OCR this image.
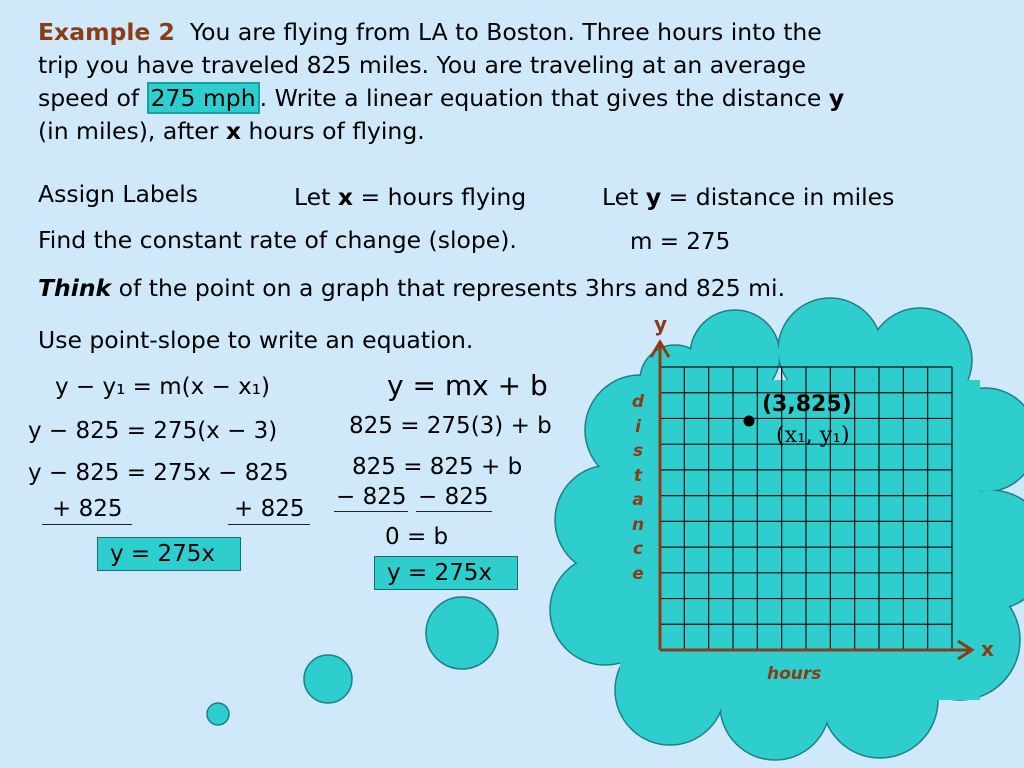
Example 2 You are flying from LA to Boston. Three hours into the
trip you have traveled 825 miles. You are traveling at an average
speed of 275 mph . Write a linear equation that gives the distance y
(in miles), after x hours of flying.
Assign Labels	Let x = hours flying	Let y = distance in miles
Find the constant rate of change (slope).	m = 275
Think of the point on a graph that represents 3hrs and 825 mi.
Use point-slope to write an equation.
y − y₁ = m(x − x₁)
y − 825 = 275(x − 3)
y − 825 = 275x − 825
+ 825	+ 825
y = 275x
y = mx + b
825 = 275(3) + b
825 = 825 + b
− 825 − 825
0 = b
y = 275x
y
x
d
i
s
t
a
n
c
e
hours
(3,825)
(x₁, y₁)
